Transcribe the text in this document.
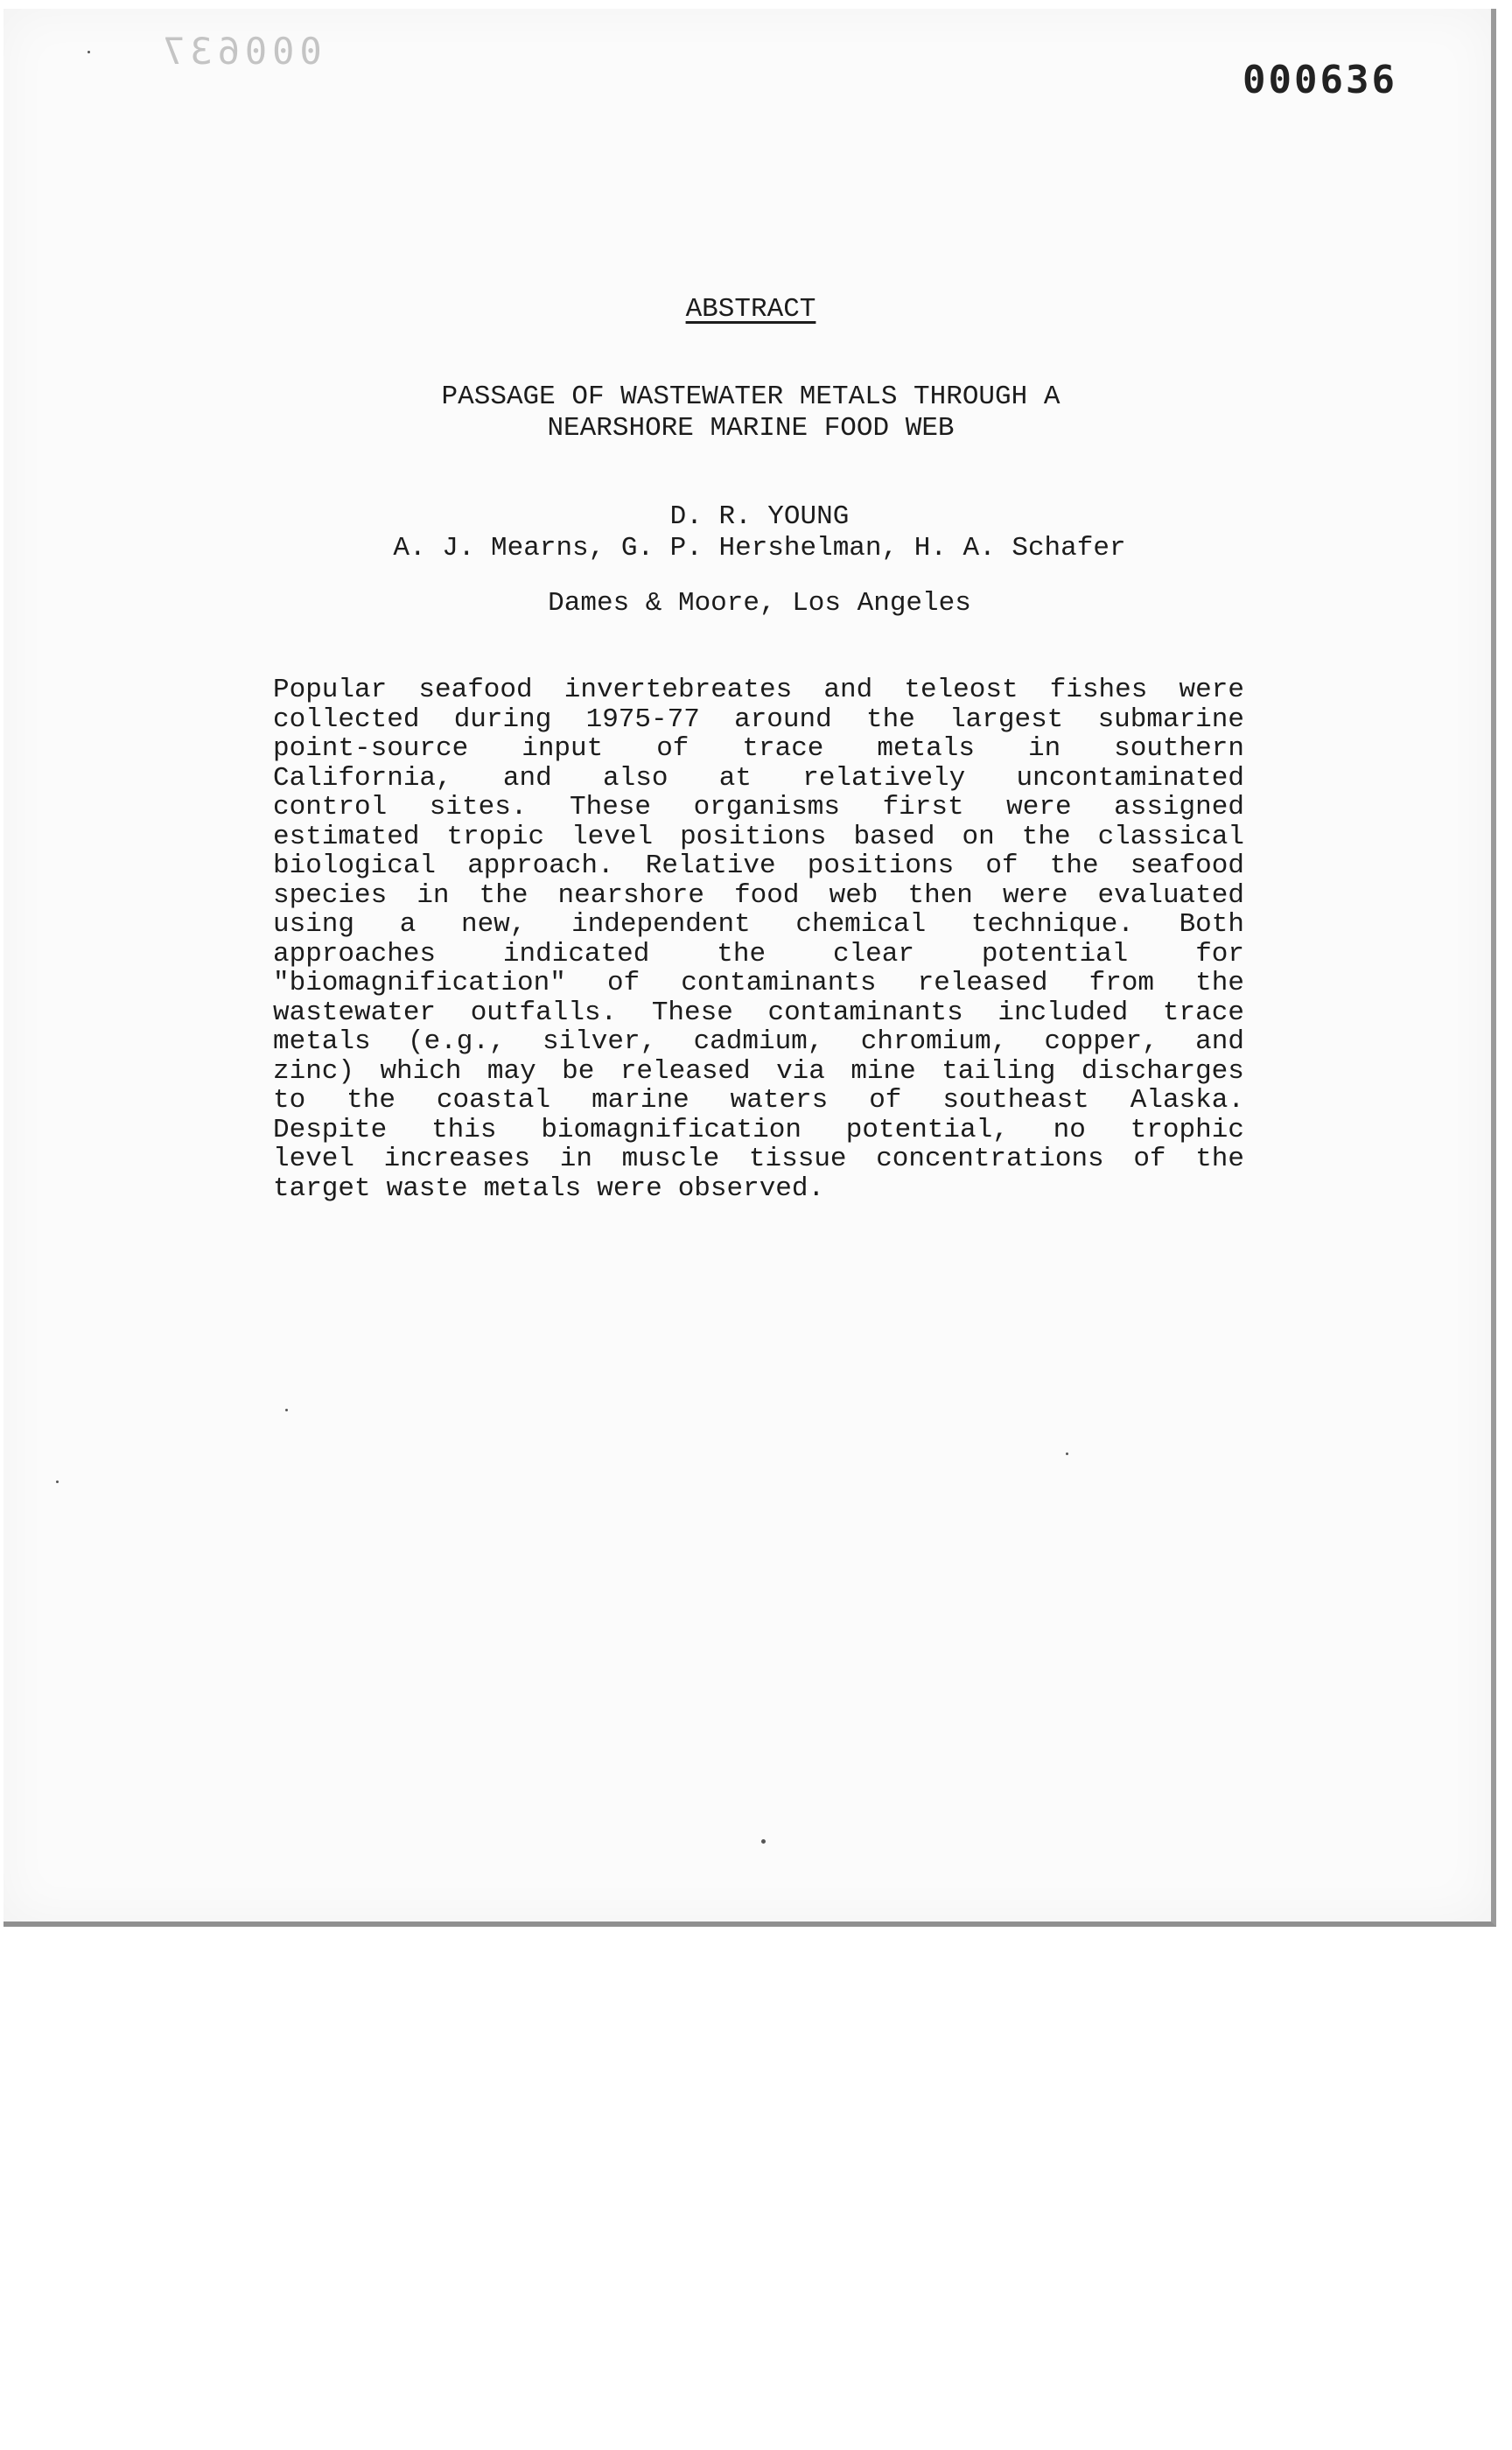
000637
000636
ABSTRACT
PASSAGE OF WASTEWATER METALS THROUGH A
NEARSHORE MARINE FOOD WEB
D. R. YOUNG
A. J. Mearns, G. P. Hershelman, H. A. Schafer
Dames & Moore, Los Angeles
Popular seafood invertebreates and teleost fishes were
collected during 1975-77 around the largest submarine
point-source input of trace metals in southern
California, and also at relatively uncontaminated
control sites. These organisms first were assigned
estimated tropic level positions based on the classical
biological approach. Relative positions of the seafood
species in the nearshore food web then were evaluated
using a new, independent chemical technique. Both
approaches indicated the clear potential for
"biomagnification" of contaminants released from the
wastewater outfalls. These contaminants included trace
metals (e.g., silver, cadmium, chromium, copper, and
zinc) which may be released via mine tailing discharges
to the coastal marine waters of southeast Alaska.
Despite this biomagnification potential, no trophic
level increases in muscle tissue concentrations of the
target waste metals were observed.
